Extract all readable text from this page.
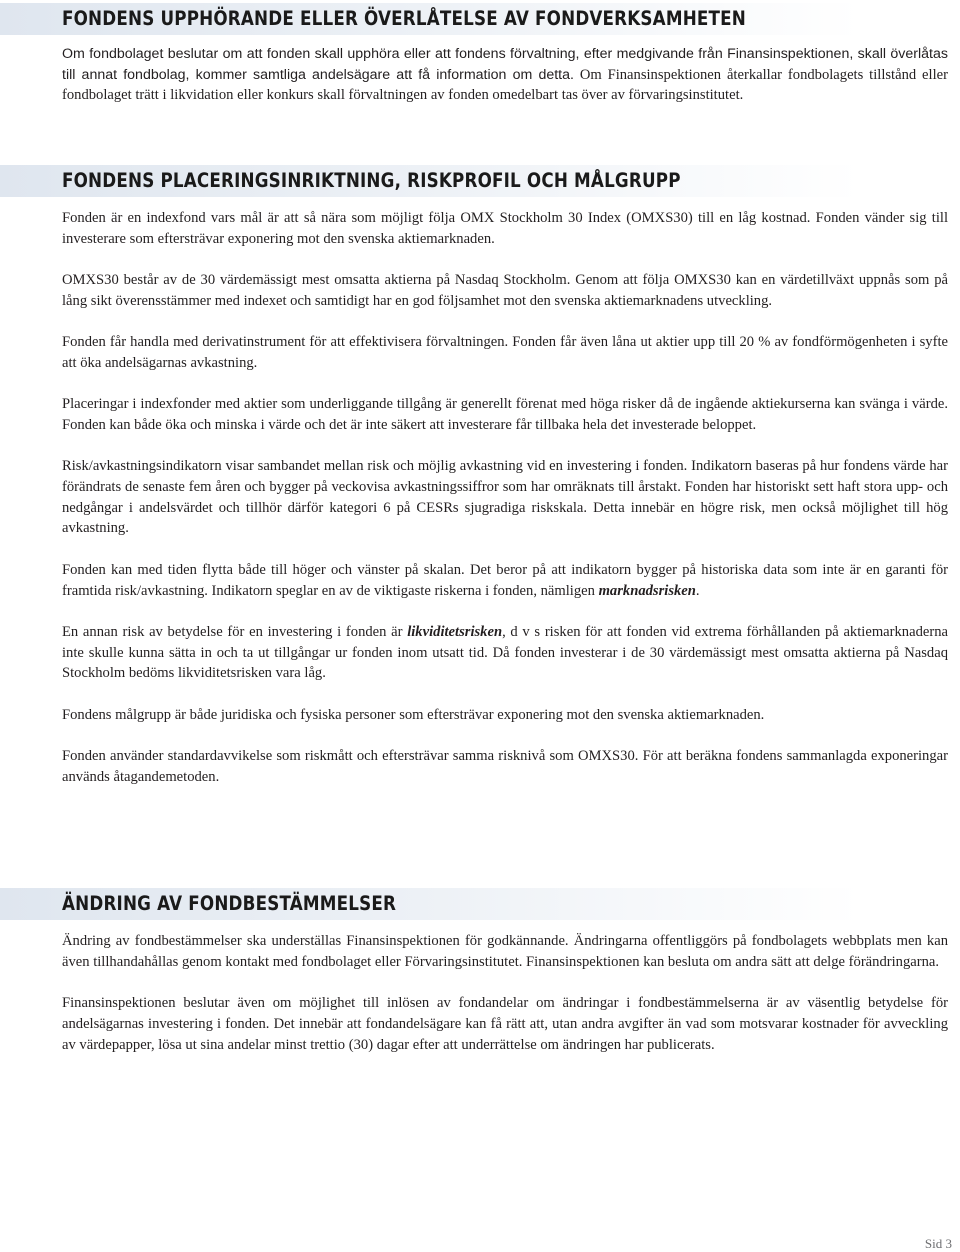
FONDENS UPPHÖRANDE ELLER ÖVERLÅTELSE AV FONDVERKSAMHETEN

Om fondbolaget beslutar om att fonden skall upphöra eller att fondens förvaltning, efter medgivande från Finansinspektionen, skall överlåtas till annat fondbolag, kommer samtliga andelsägare att få information om detta. Om Finansinspektionen återkallar fondbolagets tillstånd eller fondbolaget trätt i likvidation eller konkurs skall förvaltningen av fonden omedelbart tas över av förvaringsinstitutet.

FONDENS PLACERINGSINRIKTNING, RISKPROFIL OCH MÅLGRUPP

Fonden är en indexfond vars mål är att så nära som möjligt följa OMX Stockholm 30 Index (OMXS30) till en låg kostnad. Fonden vänder sig till investerare som eftersträvar exponering mot den svenska aktiemarknaden.

OMXS30 består av de 30 värdemässigt mest omsatta aktierna på Nasdaq Stockholm. Genom att följa OMXS30 kan en värdetillväxt uppnås som på lång sikt överensstämmer med indexet och samtidigt har en god följsamhet mot den svenska aktiemarknadens utveckling.

Fonden får handla med derivatinstrument för att effektivisera förvaltningen. Fonden får även låna ut aktier upp till 20 % av fondförmögenheten i syfte att öka andelsägarnas avkastning.

Placeringar i indexfonder med aktier som underliggande tillgång är generellt förenat med höga risker då de ingående aktiekurserna kan svänga i värde. Fonden kan både öka och minska i värde och det är inte säkert att investerare får tillbaka hela det investerade beloppet.

Risk/avkastningsindikatorn visar sambandet mellan risk och möjlig avkastning vid en investering i fonden. Indikatorn baseras på hur fondens värde har förändrats de senaste fem åren och bygger på veckovisa avkastningssiffror som har omräknats till årstakt. Fonden har historiskt sett haft stora upp- och nedgångar i andelsvärdet och tillhör därför kategori 6 på CESRs sjugradiga riskskala. Detta innebär en högre risk, men också möjlighet till hög avkastning.

Fonden kan med tiden flytta både till höger och vänster på skalan. Det beror på att indikatorn bygger på historiska data som inte är en garanti för framtida risk/avkastning. Indikatorn speglar en av de viktigaste riskerna i fonden, nämligen marknadsrisken.

En annan risk av betydelse för en investering i fonden är likviditetsrisken, d v s risken för att fonden vid extrema förhållanden på aktiemarknaderna inte skulle kunna sätta in och ta ut tillgångar ur fonden inom utsatt tid. Då fonden investerar i de 30 värdemässigt mest omsatta aktierna på Nasdaq Stockholm bedöms likviditetsrisken vara låg.

Fondens målgrupp är både juridiska och fysiska personer som eftersträvar exponering mot den svenska aktiemarknaden.

Fonden använder standardavvikelse som riskmått och eftersträvar samma risknivå som OMXS30. För att beräkna fondens sammanlagda exponeringar används åtagandemetoden.

ÄNDRING AV FONDBESTÄMMELSER

Ändring av fondbestämmelser ska underställas Finansinspektionen för godkännande. Ändringarna offentliggörs på fondbolagets webbplats men kan även tillhandahållas genom kontakt med fondbolaget eller Förvaringsinstitutet. Finansinspektionen kan besluta om andra sätt att delge förändringarna.

Finansinspektionen beslutar även om möjlighet till inlösen av fondandelar om ändringar i fondbestämmelserna är av väsentlig betydelse för andelsägarnas investering i fonden. Det innebär att fondandelsägare kan få rätt att, utan andra avgifter än vad som motsvarar kostnader för avveckling av värdepapper, lösa ut sina andelar minst trettio (30) dagar efter att underrättelse om ändringen har publicerats.

Sid 3
